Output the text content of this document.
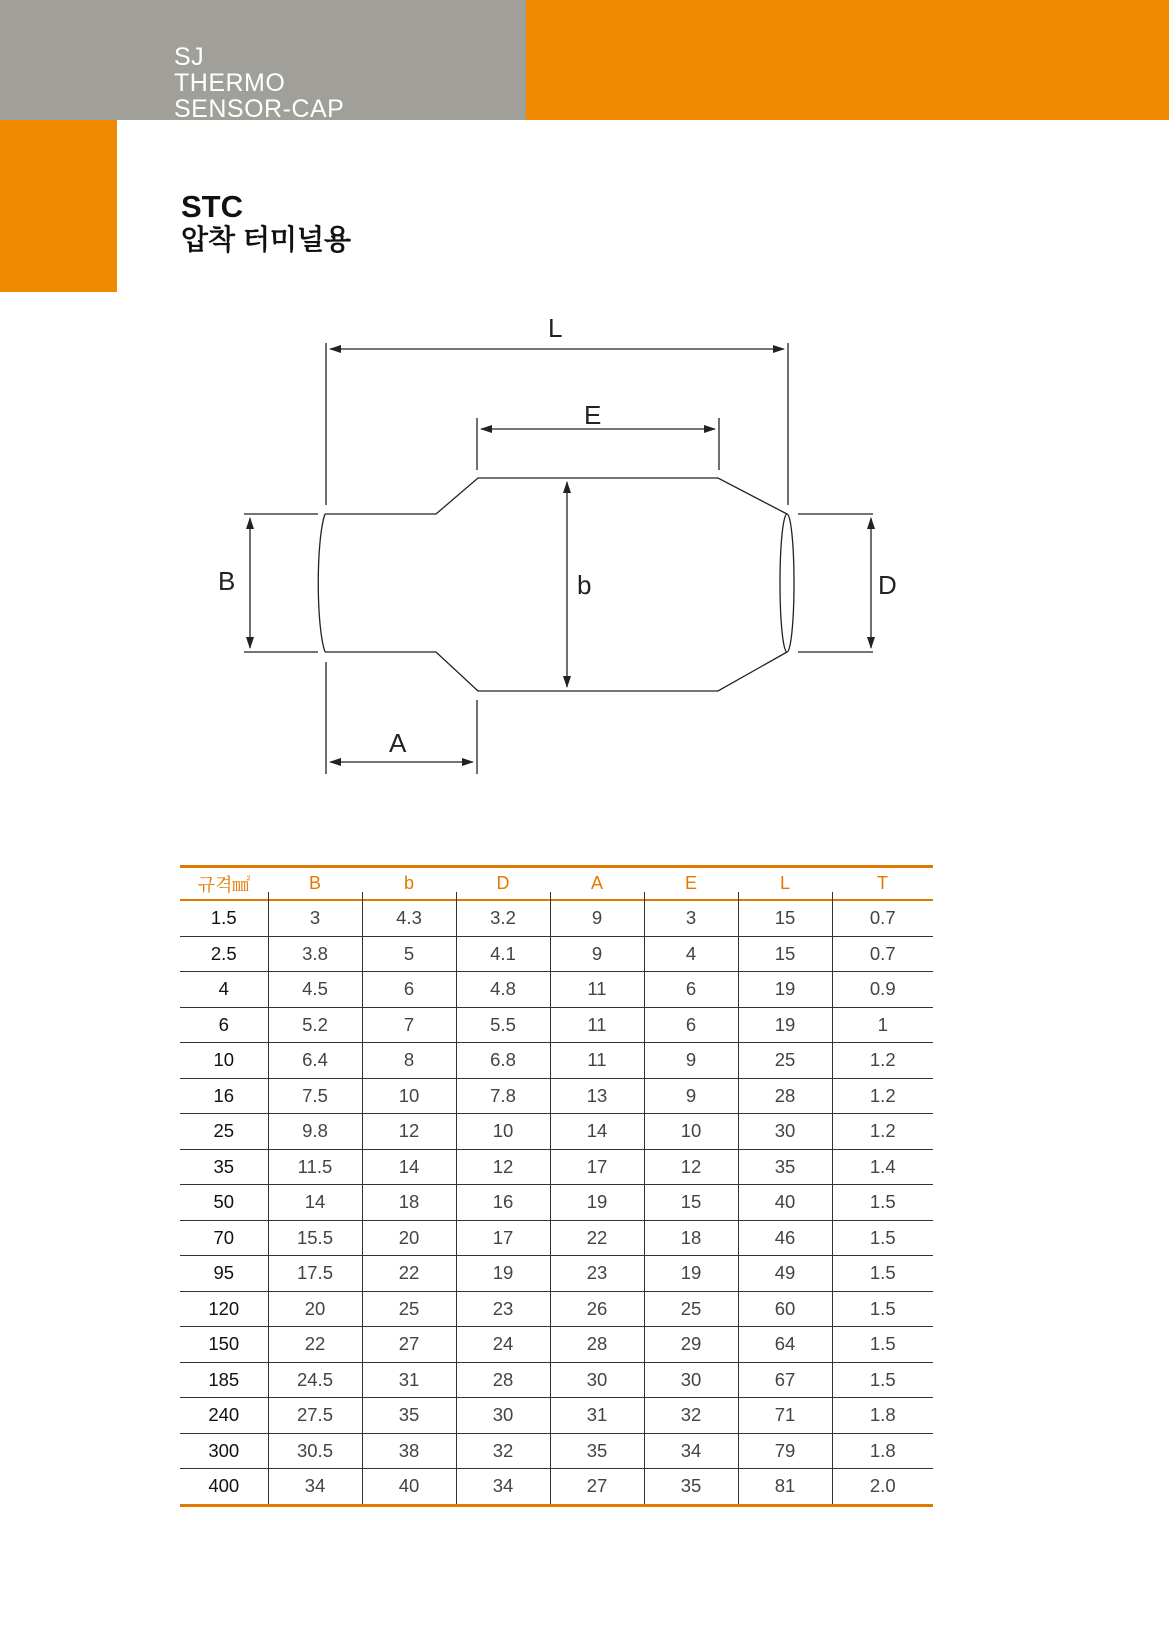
SJ
THERMO
SENSOR-CAP
STC
압착 터미널용
L
E
B	b	D
A
규격㎟	B	b	D	A	E	L	T
1.5	3	4.3	3.2	9	3	15	0.7
2.5	3.8	5	4.1	9	4	15	0.7
4	4.5	6	4.8	11	6	19	0.9
6	5.2	7	5.5	11	6	19	1
10	6.4	8	6.8	11	9	25	1.2
16	7.5	10	7.8	13	9	28	1.2
25	9.8	12	10	14	10	30	1.2
35	11.5	14	12	17	12	35	1.4
50	14	18	16	19	15	40	1.5
70	15.5	20	17	22	18	46	1.5
95	17.5	22	19	23	19	49	1.5
120	20	25	23	26	25	60	1.5
150	22	27	24	28	29	64	1.5
185	24.5	31	28	30	30	67	1.5
240	27.5	35	30	31	32	71	1.8
300	30.5	38	32	35	34	79	1.8
400	34	40	34	27	35	81	2.0
